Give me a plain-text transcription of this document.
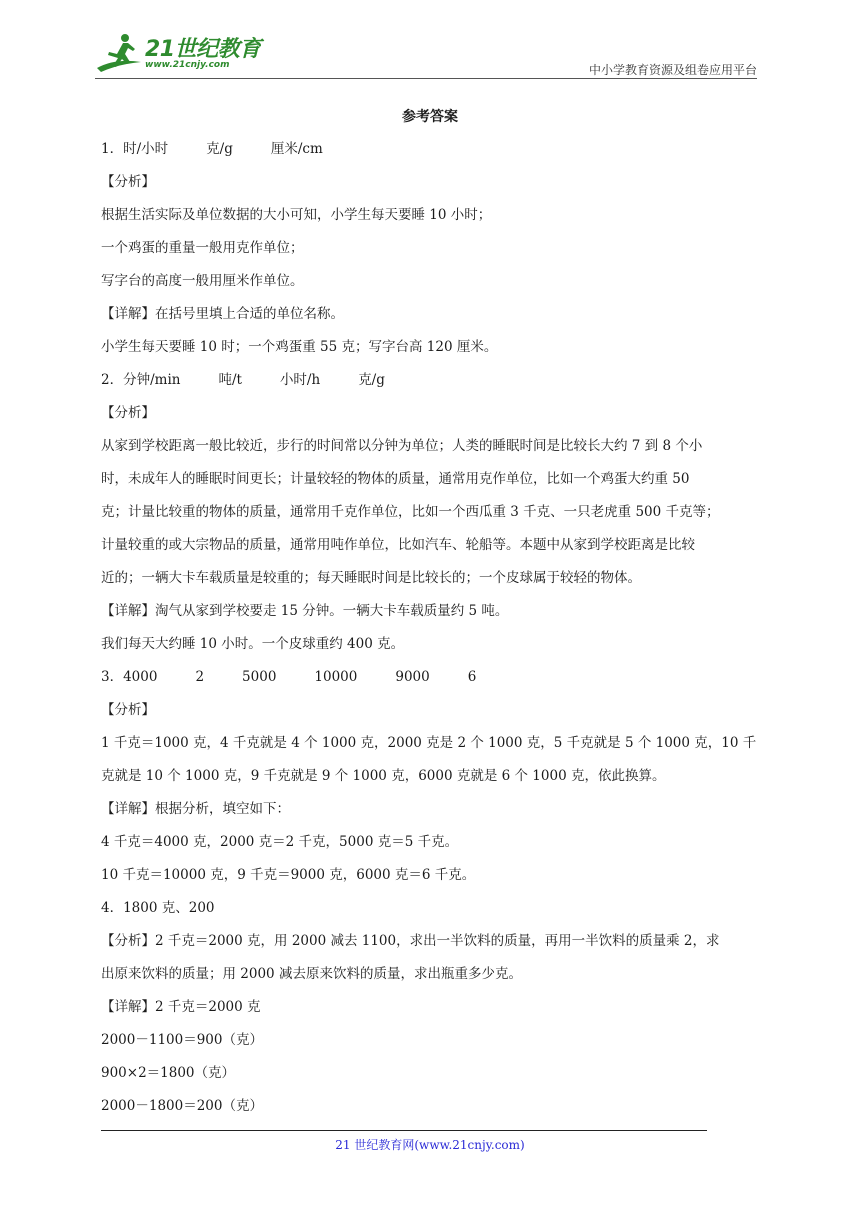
21世纪教育
www.21cnjy.com	中小学教育资源及组卷应用平台
参考答案
1．时/小时	克/g	厘米/cm
【分析】
根据生活实际及单位数据的大小可知，小学生每天要睡 10 小时；
一个鸡蛋的重量一般用克作单位；
写字台的高度一般用厘米作单位。
【详解】在括号里填上合适的单位名称。
小学生每天要睡 10 时；一个鸡蛋重 55 克；写字台高 120 厘米。
2．分钟/min	吨/t	小时/h	克/g
【分析】
从家到学校距离一般比较近，步行的时间常以分钟为单位；人类的睡眠时间是比较长大约 7 到 8 个小
时，未成年人的睡眠时间更长；计量较轻的物体的质量，通常用克作单位，比如一个鸡蛋大约重 50
克；计量比较重的物体的质量，通常用千克作单位，比如一个西瓜重 3 千克、一只老虎重 500 千克等；
计量较重的或大宗物品的质量，通常用吨作单位，比如汽车、轮船等。本题中从家到学校距离是比较
近的；一辆大卡车载质量是较重的；每天睡眠时间是比较长的；一个皮球属于较轻的物体。
【详解】淘气从家到学校要走 15 分钟。一辆大卡车载质量约 5 吨。
我们每天大约睡 10 小时。一个皮球重约 400 克。
3．4000	2	5000	10000	9000	6
【分析】
1 千克＝1000 克，4 千克就是 4 个 1000 克，2000 克是 2 个 1000 克，5 千克就是 5 个 1000 克，10 千
克就是 10 个 1000 克，9 千克就是 9 个 1000 克，6000 克就是 6 个 1000 克，依此换算。
【详解】根据分析，填空如下：
4 千克＝4000 克，2000 克＝2 千克，5000 克＝5 千克。
10 千克＝10000 克，9 千克＝9000 克，6000 克＝6 千克。
4．1800 克、200
【分析】2 千克＝2000 克，用 2000 减去 1100，求出一半饮料的质量，再用一半饮料的质量乘 2，求
出原来饮料的质量；用 2000 减去原来饮料的质量，求出瓶重多少克。
【详解】2 千克＝2000 克
2000－1100＝900（克）
900×2＝1800（克）
2000－1800＝200（克）
21 世纪教育网(www.21cnjy.com)
